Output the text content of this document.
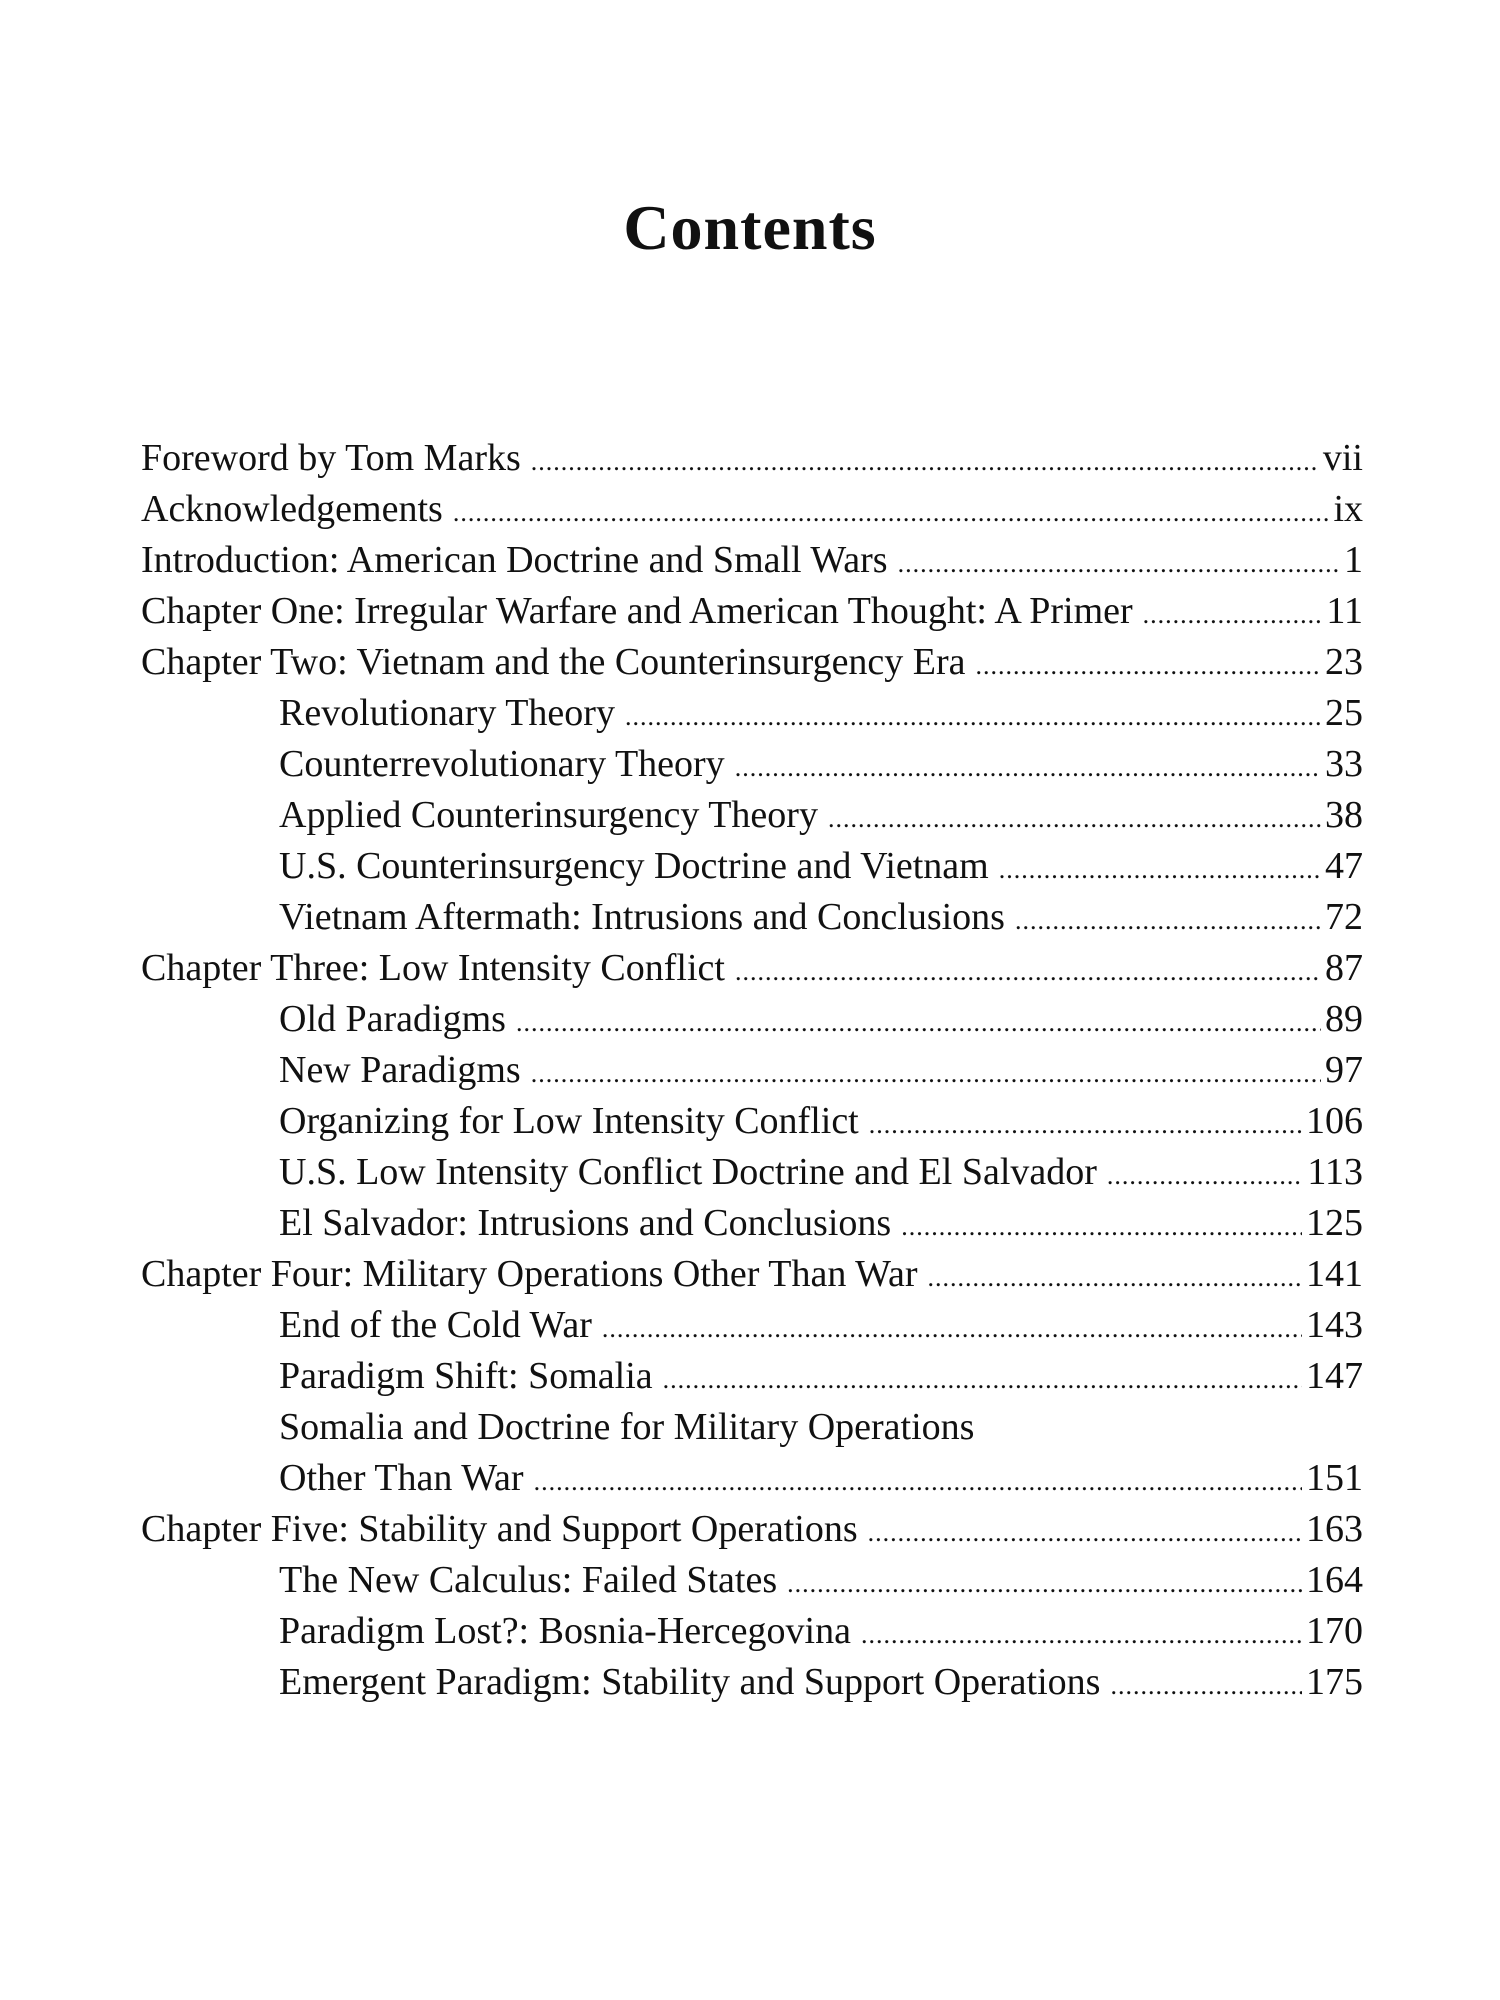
Contents
Foreword by Tom Marks .....	vii
Acknowledgements .....	ix
Introduction: American Doctrine and Small Wars .....	1
Chapter One: Irregular Warfare and American Thought: A Primer .....	11
Chapter Two: Vietnam and the Counterinsurgency Era .....	23
Revolutionary Theory .....	25
Counterrevolutionary Theory .....	33
Applied Counterinsurgency Theory .....	38
U.S. Counterinsurgency Doctrine and Vietnam .....	47
Vietnam Aftermath: Intrusions and Conclusions .....	72
Chapter Three: Low Intensity Conflict .....	87
Old Paradigms .....	89
New Paradigms .....	97
Organizing for Low Intensity Conflict .....	106
U.S. Low Intensity Conflict Doctrine and El Salvador .....	113
El Salvador: Intrusions and Conclusions .....	125
Chapter Four: Military Operations Other Than War .....	141
End of the Cold War .....	143
Paradigm Shift: Somalia .....	147
Somalia and Doctrine for Military Operations
Other Than War .....	151
Chapter Five: Stability and Support Operations .....	163
The New Calculus: Failed States .....	164
Paradigm Lost?: Bosnia-Hercegovina .....	170
Emergent Paradigm: Stability and Support Operations .....	175
